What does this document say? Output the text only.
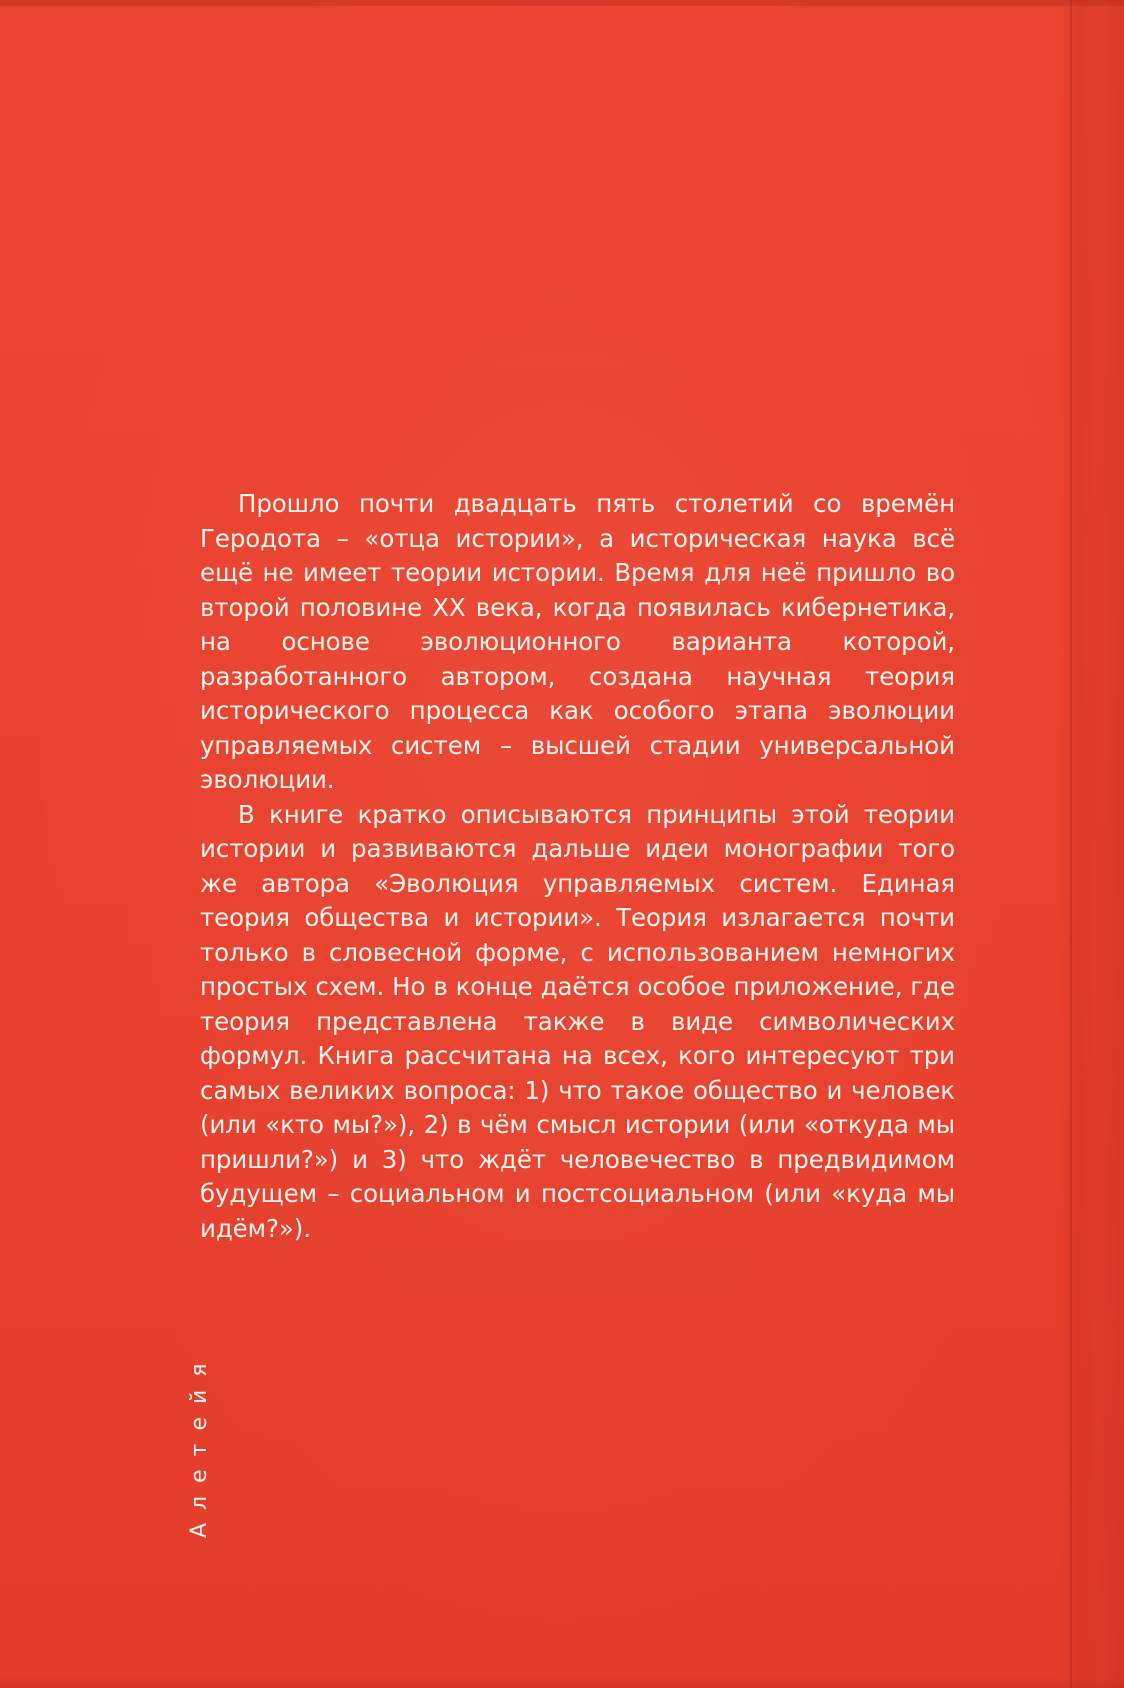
Прошло почти двадцать пять столетий со времён Геродота – «отца истории», а историческая наука всё ещё не имеет теории истории. Время для неё пришло во второй половине XX века, когда появилась кибернетика, на основе эволюционного варианта которой, разработанного автором, создана научная теория исторического процесса как особого этапа эволюции управляемых систем – высшей стадии универсальной эволюции.

В книге кратко описываются принципы этой теории истории и развиваются дальше идеи монографии того же автора «Эволюция управляемых систем. Единая теория общества и истории». Теория излагается почти только в словесной форме, с использованием немногих простых схем. Но в конце даётся особое приложение, где теория представлена также в виде символических формул. Книга рассчитана на всех, кого интересуют три самых великих вопроса: 1) что такое общество и человек (или «кто мы?»), 2) в чём смысл истории (или «откуда мы пришли?») и 3) что ждёт человечество в предвидимом будущем – социальном и постсоциальном (или «куда мы идём?»).

Алетейя
